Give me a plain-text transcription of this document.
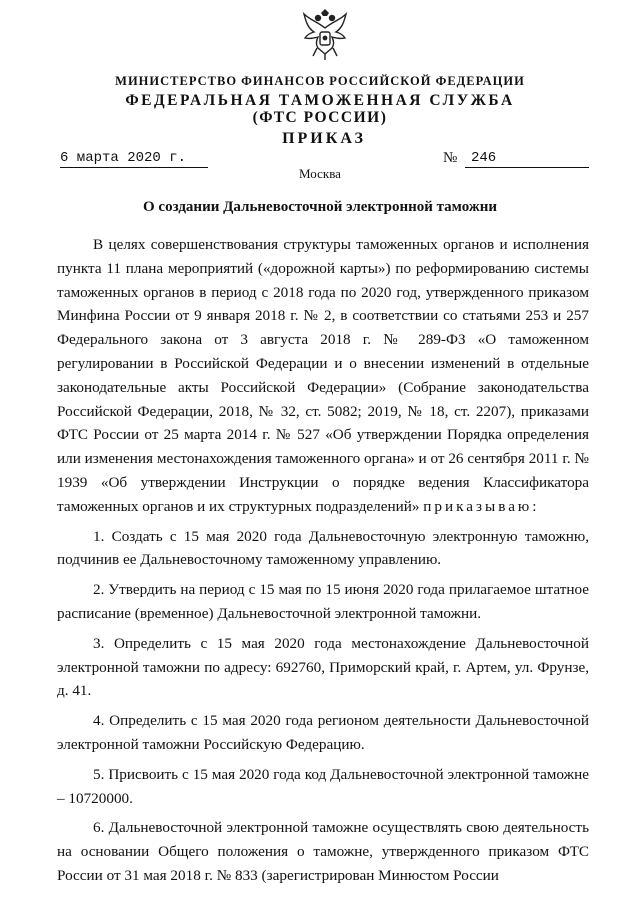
МИНИСТЕРСТВО ФИНАНСОВ РОССИЙСКОЙ ФЕДЕРАЦИИ

ФЕДЕРАЛЬНАЯ ТАМОЖЕННАЯ СЛУЖБА

(ФТС РОССИИ)

ПРИКАЗ

6 марта 2020 г.	№ 246

Москва

О создании Дальневосточной электронной таможни

В целях совершенствования структуры таможенных органов и исполнения пункта 11 плана мероприятий («дорожной карты») по реформированию системы таможенных органов в период с 2018 года по 2020 год, утвержденного приказом Минфина России от 9 января 2018 г. № 2, в соответствии со статьями 253 и 257 Федерального закона от 3 августа 2018 г. № 289-ФЗ «О таможенном регулировании в Российской Федерации и о внесении изменений в отдельные законодательные акты Российской Федерации» (Собрание законодательства Российской Федерации, 2018, № 32, ст. 5082; 2019, № 18, ст. 2207), приказами ФТС России от 25 марта 2014 г. № 527 «Об утверждении Порядка определения или изменения местонахождения таможенного органа» и от 26 сентября 2011 г. № 1939 «Об утверждении Инструкции о порядке ведения Классификатора таможенных органов и их структурных подразделений» приказываю:

1. Создать с 15 мая 2020 года Дальневосточную электронную таможню, подчинив ее Дальневосточному таможенному управлению.

2. Утвердить на период с 15 мая по 15 июня 2020 года прилагаемое штатное расписание (временное) Дальневосточной электронной таможни.

3. Определить с 15 мая 2020 года местонахождение Дальневосточной электронной таможни по адресу: 692760, Приморский край, г. Артем, ул. Фрунзе, д. 41.

4. Определить с 15 мая 2020 года регионом деятельности Дальневосточной электронной таможни Российскую Федерацию.

5. Присвоить с 15 мая 2020 года код Дальневосточной электронной таможне – 10720000.

6. Дальневосточной электронной таможне осуществлять свою деятельность на основании Общего положения о таможне, утвержденного приказом ФТС России от 31 мая 2018 г. № 833 (зарегистрирован Минюстом России
